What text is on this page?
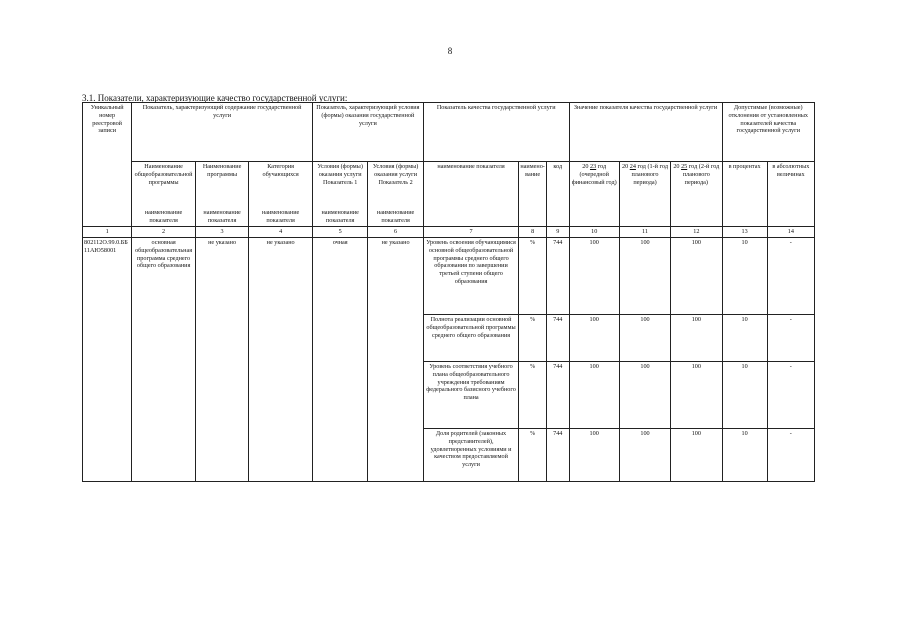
8
3.1. Показатели, характеризующие качество государственной услуги:
Уникальный номер реестровой записи	Показатель, характеризующий содержание государственной услуги			Показатель, характеризующий условия (формы) оказания государственной услуги		Показатель качества государственной услуги			Значение показателя качества государственной услуги			Допустимые (возможные) отклонения от установленных показателей качества государственной услуги	
	Наименование общеобразовательной программы	Наименование программы	Категория обучающихся	Условия (формы) оказания услуги Показатель 1	Условия (формы) оказания услуги Показатель 2	наименование показателя	наимено-вание	код	20 23 год (очередной финансовый год)	20 24 год (1-й год планового периода)	20 25 год (2-й год планового периода)	в процентах	в абсолютных величинах
	наименование показателя	наименование показателя	наименование показателя	наименование показателя	наименование показателя								
1	2	3	4	5	6	7	8	9	10	11	12	13	14
802112О.99.0.ББ11АЮ58001	основная общеобразовательная программа среднего общего образования	не указано	не указано	очная	не указано	Уровень освоения обучающимися основной общеобразовательной программы среднего общего образования по завершении третьей ступени общего образования	%	744	100	100	100	10	-
						Полнота реализации основной общеобразовательной программы среднего общего образования	%	744	100	100	100	10	-
						Уровень соответствия учебного плана общеобразовательного учреждения требованиям федерального базисного учебного плана	%	744	100	100	100	10	-
						Доля родителей (законных представителей), удовлетворенных условиями и качеством предоставляемой услуги	%	744	100	100	100	10	-
